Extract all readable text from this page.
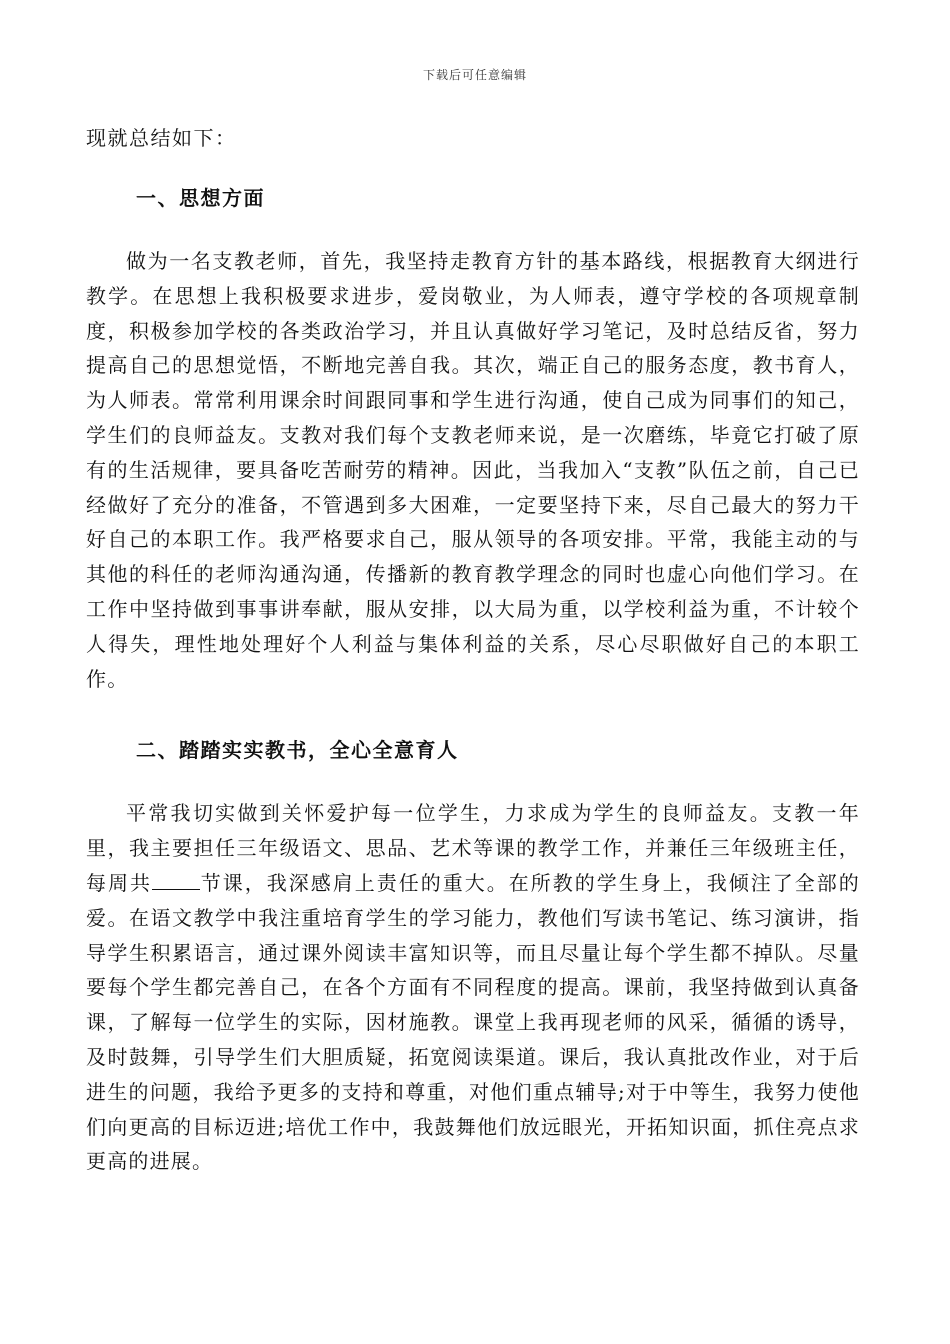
下载后可任意编辑

现就总结如下：

一、思想方面

做为一名支教老师，首先，我坚持走教育方针的基本路线，根据教育大纲进行教学。在思想上我积极要求进步，爱岗敬业，为人师表，遵守学校的各项规章制度，积极参加学校的各类政治学习，并且认真做好学习笔记，及时总结反省，努力提高自己的思想觉悟，不断地完善自我。其次，端正自己的服务态度，教书育人，为人师表。常常利用课余时间跟同事和学生进行沟通，使自己成为同事们的知己，学生们的良师益友。支教对我们每个支教老师来说，是一次磨练，毕竟它打破了原有的生活规律，要具备吃苦耐劳的精神。因此，当我加入“支教”队伍之前，自己已经做好了充分的准备，不管遇到多大困难，一定要坚持下来，尽自己最大的努力干好自己的本职工作。我严格要求自己，服从领导的各项安排。平常，我能主动的与其他的科任的老师沟通沟通，传播新的教育教学理念的同时也虚心向他们学习。在工作中坚持做到事事讲奉献，服从安排，以大局为重，以学校利益为重，不计较个人得失，理性地处理好个人利益与集体利益的关系，尽心尽职做好自己的本职工作。

二、踏踏实实教书，全心全意育人

平常我切实做到关怀爱护每一位学生，力求成为学生的良师益友。支教一年里，我主要担任三年级语文、思品、艺术等课的教学工作，并兼任三年级班主任，每周共 节课，我深感肩上责任的重大。在所教的学生身上，我倾注了全部的爱。在语文教学中我注重培育学生的学习能力，教他们写读书笔记、练习演讲，指导学生积累语言，通过课外阅读丰富知识等，而且尽量让每个学生都不掉队。尽量要每个学生都完善自己，在各个方面有不同程度的提高。课前，我坚持做到认真备课，了解每一位学生的实际，因材施教。课堂上我再现老师的风采，循循的诱导，及时鼓舞，引导学生们大胆质疑，拓宽阅读渠道。课后，我认真批改作业，对于后进生的问题，我给予更多的支持和尊重，对他们重点辅导;对于中等生，我努力使他们向更高的目标迈进;培优工作中，我鼓舞他们放远眼光，开拓知识面，抓住亮点求更高的进展。
